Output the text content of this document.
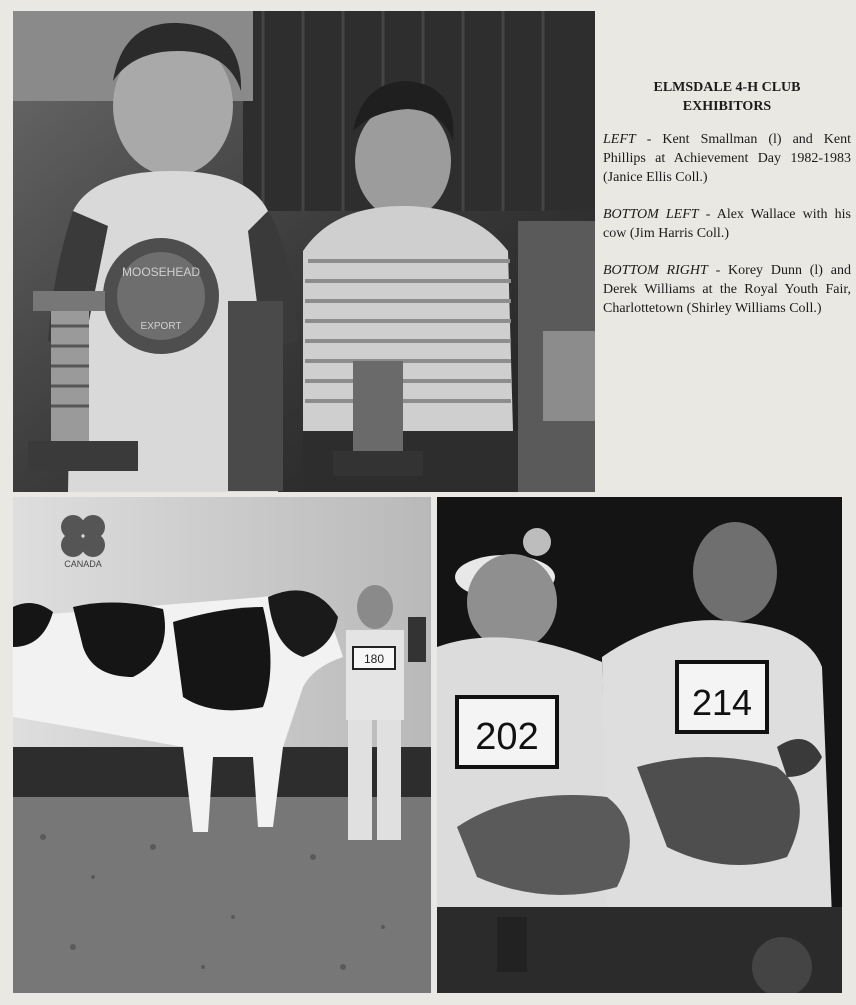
MOOSEHEAD
EXPORT
ELMSDALE 4-H CLUB
EXHIBITORS

LEFT - Kent Smallman (l) and Kent Phillips at Achievement Day 1982-1983 (Janice Ellis Coll.)

BOTTOM LEFT - Alex Wallace with his cow (Jim Harris Coll.)

BOTTOM RIGHT - Korey Dunn (l) and Derek Williams at the Royal Youth Fair, Charlottetown (Shirley Williams Coll.)

CANADA
180
202
214
